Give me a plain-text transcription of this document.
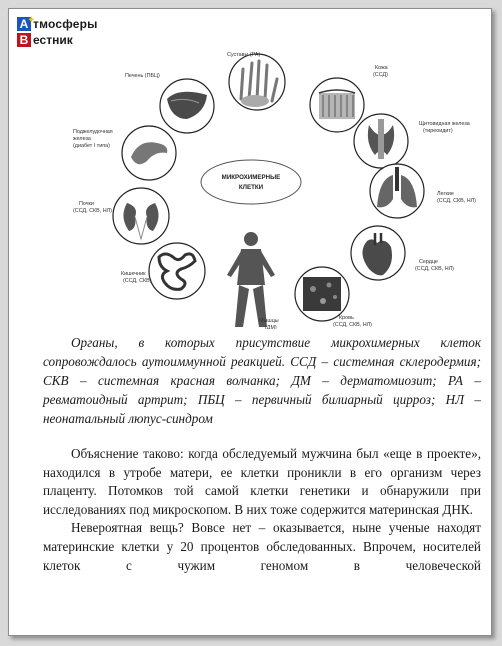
А
✦
тмосферы
В естник
МИКРОХИМЕРНЫЕ
КЛЕТКИ
Суставы (РА)
Печень (ПБЦ)
Кожа
(ССД)
Поджелудочная
железа
(диабет I типа)
Щитовидная железа
(тиреоидит)
Почки
(ССД, СКВ, НЛ)
Легкие
(ССД, СКВ, НЛ)
Кишечник
(ССД, СКВ)
Мышцы
(ДМ)
Кровь
(ССД, СКВ, НЛ)
Сердце
(ССД, СКВ, НЛ)

Органы, в которых присутствие микрохимерных клеток сопровождалось аутоиммунной реакцией. ССД – системная склеродермия; СКВ – системная красная волчанка; ДМ – дерматомиозит; РА – ревматоидный артрит; ПБЦ – первичный билиарный цирроз; НЛ – неонатальный люпус-синдром

Объяснение таково: когда обследуемый мужчина был «еще в проекте», находился в утробе матери, ее клетки проникли в его организм через плаценту. Потомков той самой клетки генетики и обнаружили при исследованиях под микроскопом. В них тоже содержится материнская ДНК.

Невероятная вещь? Вовсе нет – оказывается, ныне ученые находят материнские клетки у 20 процентов обследованных. Впрочем, носителей клеток с чужим геномом в человеческой
